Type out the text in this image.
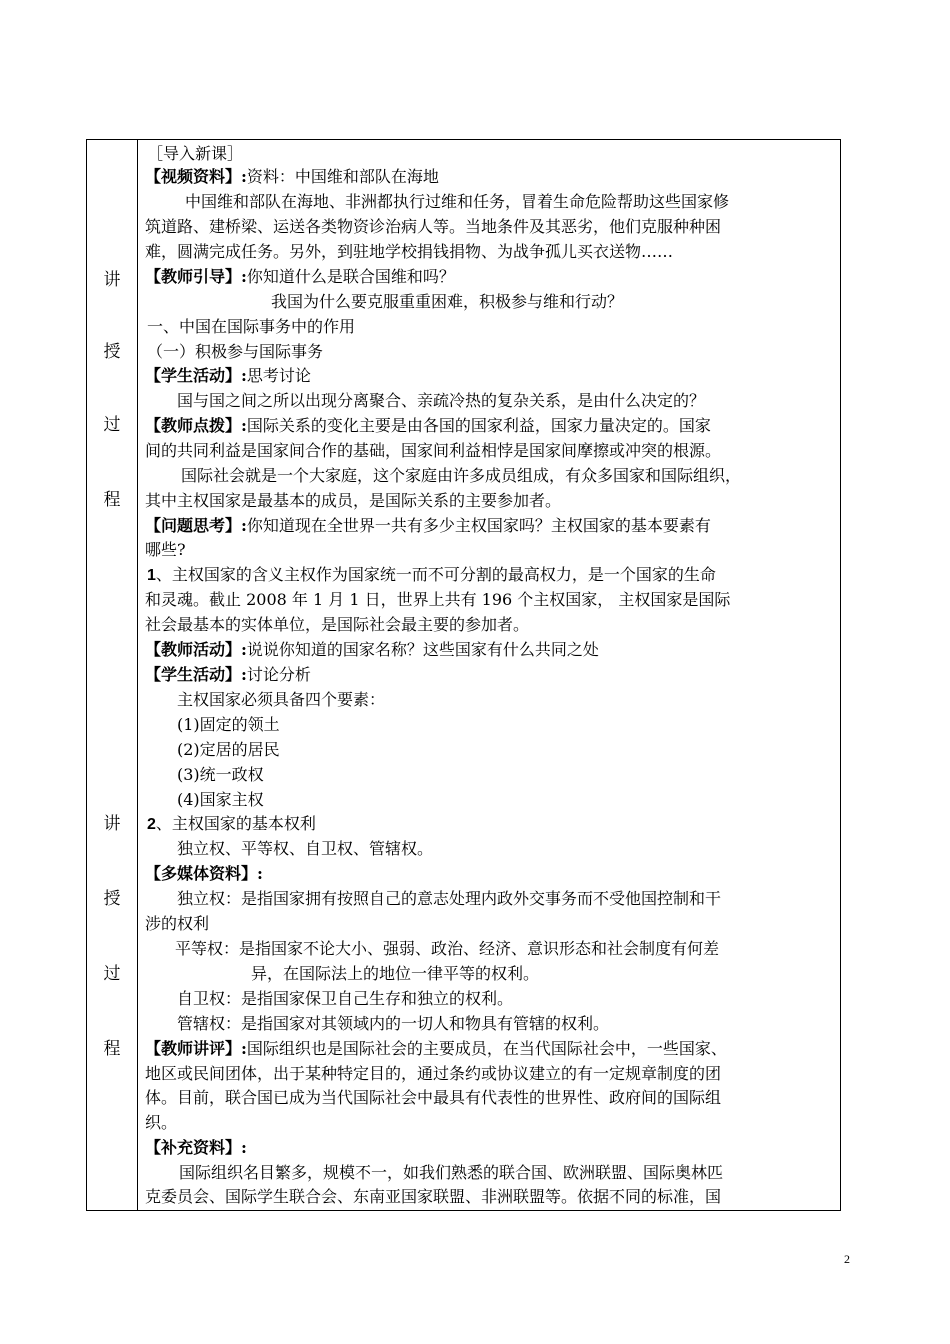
讲
授
过
程
讲
授
过
程
［导入新课］
【视频资料】:资料：中国维和部队在海地
中国维和部队在海地、非洲都执行过维和任务，冒着生命危险帮助这些国家修
筑道路、建桥梁、运送各类物资诊治病人等。当地条件及其恶劣，他们克服种种困
难，圆满完成任务。另外，到驻地学校捐钱捐物、为战争孤儿买衣送物……
【教师引导】:你知道什么是联合国维和吗？
我国为什么要克服重重困难，积极参与维和行动？
一、中国在国际事务中的作用
（一）积极参与国际事务
【学生活动】:思考讨论
国与国之间之所以出现分离聚合、亲疏冷热的复杂关系，是由什么决定的？
【教师点拨】:国际关系的变化主要是由各国的国家利益，国家力量决定的。国家
间的共同利益是国家间合作的基础，国家间利益相悖是国家间摩擦或冲突的根源。
国际社会就是一个大家庭，这个家庭由许多成员组成，有众多国家和国际组织，
其中主权国家是最基本的成员，是国际关系的主要参加者。
【问题思考】:你知道现在全世界一共有多少主权国家吗？主权国家的基本要素有
哪些?
1、主权国家的含义主权作为国家统一而不可分割的最高权力，是一个国家的生命
和灵魂。截止 2008 年 1 月 1 日，世界上共有 196 个主权国家， 主权国家是国际
社会最基本的实体单位，是国际社会最主要的参加者。
【教师活动】:说说你知道的国家名称？这些国家有什么共同之处
【学生活动】:讨论分析
主权国家必须具备四个要素：
(1)固定的领土
(2)定居的居民
(3)统一政权
(4)国家主权
2、主权国家的基本权利
独立权、平等权、自卫权、管辖权。
【多媒体资料】:
独立权：是指国家拥有按照自己的意志处理内政外交事务而不受他国控制和干
涉的权利
平等权：是指国家不论大小、强弱、政治、经济、意识形态和社会制度有何差
异，在国际法上的地位一律平等的权利。
自卫权：是指国家保卫自己生存和独立的权利。
管辖权：是指国家对其领域内的一切人和物具有管辖的权利。
【教师讲评】:国际组织也是国际社会的主要成员，在当代国际社会中，一些国家、
地区或民间团体，出于某种特定目的，通过条约或协议建立的有一定规章制度的团
体。目前，联合国已成为当代国际社会中最具有代表性的世界性、政府间的国际组
织。
【补充资料】:
国际组织名目繁多，规模不一，如我们熟悉的联合国、欧洲联盟、国际奥林匹
克委员会、国际学生联合会、东南亚国家联盟、非洲联盟等。依据不同的标准，国
2
